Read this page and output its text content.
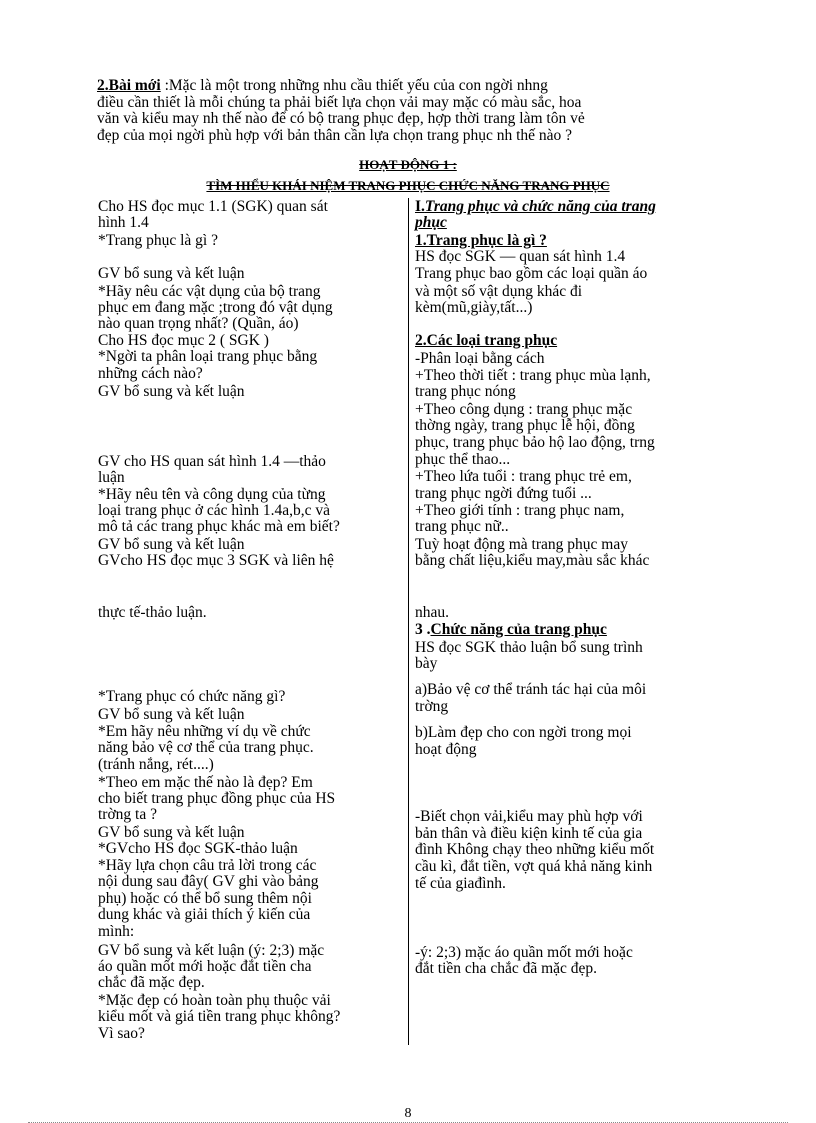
2.Bài mới :Mặc là một trong những nhu cầu thiết yếu của con ngời nhng
điều cần thiết là mỗi chúng ta phải biết lựa chọn vải may mặc có màu sắc, hoa
văn và kiểu may nh thế nào để có bộ trang phục đẹp, hợp thời trang làm tôn vẻ
đẹp của mọi ngời phù hợp với bản thân cần lựa chọn trang phục nh thế nào ?
HOẠT ĐỘNG 1 :
TÌM HIỂU KHÁI NIỆM TRANG PHỤC CHỨC NĂNG TRANG PHỤC
Cho HS đọc mục 1.1 (SGK) quan sát
hình 1.4
*Trang phục là gì ?
GV bổ sung và kết luận
*Hãy nêu các vật dụng của bộ trang
phục em đang mặc ;trong đó vật dụng
nào quan trọng nhất? (Quần, áo)
Cho HS đọc mục 2 ( SGK )
*Ngời ta phân loại trang phục bằng
những cách nào?
GV bổ sung và kết luận
GV cho HS quan sát hình 1.4 —thảo
luận
*Hãy nêu tên và công dụng của từng
loại trang phục ở các hình 1.4a,b,c và
mô tả các trang phục khác mà em biết?
GV bổ sung và kết luận
GVcho HS đọc mục 3 SGK và liên hệ
thực tế-thảo luận.
*Trang phục có chức năng gì?
GV bổ sung và kết luận
*Em hãy nêu những ví dụ về chức
năng bảo vệ cơ thể của trang phục.
(tránh nắng, rét....)
*Theo em mặc thế nào là đẹp? Em
cho biết trang phục đồng phục của HS
trờng ta ?
GV bổ sung và kết luận
*GVcho HS đọc SGK-thảo luận
*Hãy lựa chọn câu trả lời trong các
nội dung sau đây( GV ghi vào bảng
phụ) hoặc có thể bổ sung thêm nội
dung khác và giải thích ý kiến của
mình:
GV bổ sung và kết luận (ý: 2;3) mặc
áo quần mốt mới hoặc đắt tiền cha
chắc đã mặc đẹp.
*Mặc đẹp có hoàn toàn phụ thuộc vải
kiểu mốt và giá tiền trang phục không?
Vì sao?
I.Trang phục và chức năng của trang
phục
1.Trang phục là gì ?
HS đọc SGK — quan sát hình 1.4
Trang phục bao gồm các loại quần áo
và một số vật dụng khác đi
kèm(mũ,giày,tất...)
2.Các loại trang phục
-Phân loại bằng cách
+Theo thời tiết : trang phục mùa lạnh,
trang phục nóng
+Theo công dụng : trang phục mặc
thờng ngày, trang phục lễ hội, đồng
phục, trang phục bảo hộ lao động, trng
phục thể thao...
+Theo lứa tuổi : trang phục trẻ em,
trang phục ngời đứng tuổi ...
+Theo giới tính : trang phục nam,
trang phục nữ..
Tuỳ hoạt động mà trang phục may
bằng chất liệu,kiểu may,màu sắc khác
nhau.
3 .Chức năng của trang phục
HS đọc SGK thảo luận bổ sung trình
bày
a)Bảo vệ cơ thể tránh tác hại của môi
trờng
b)Làm đẹp cho con ngời trong mọi
hoạt động
-Biết chọn vải,kiểu may phù hợp với
bản thân và điều kiện kinh tế của gia
đình Không chạy theo những kiểu mốt
cầu kì, đắt tiền, vợt quá khả năng kinh
tế của giađình.
-ý: 2;3) mặc áo quần mốt mới hoặc
đắt tiền cha chắc đã mặc đẹp.
8
